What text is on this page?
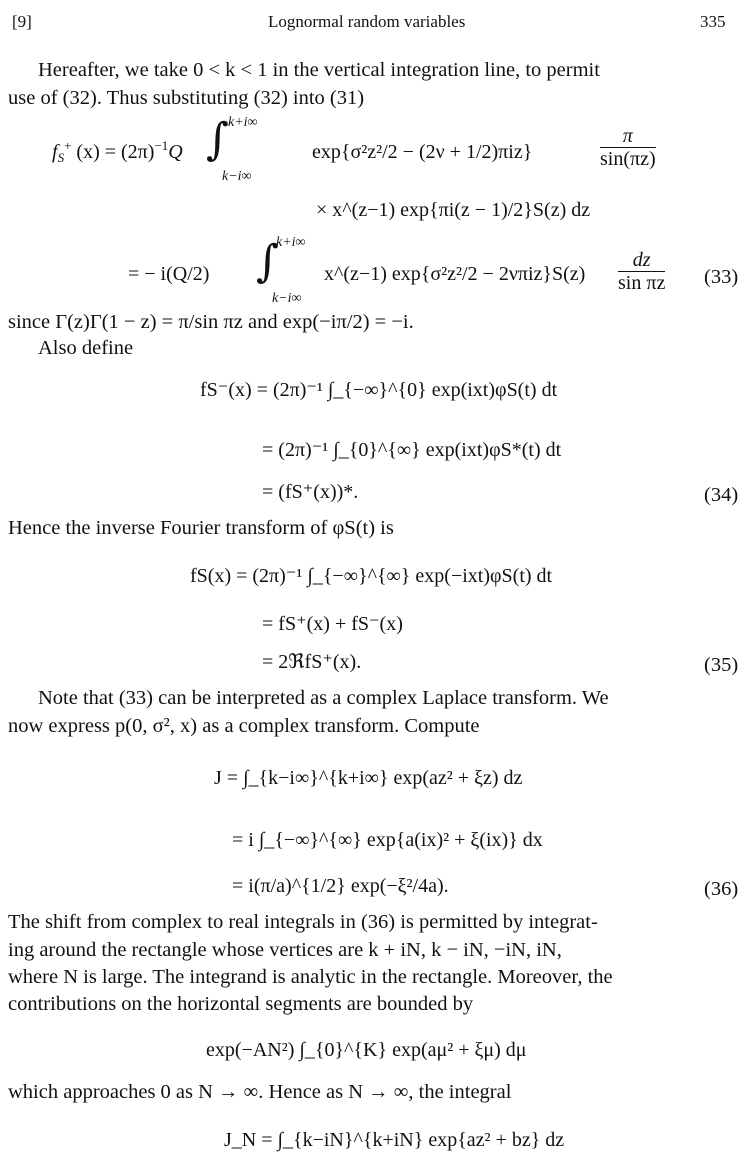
[9]	Lognormal random variables	335
Hereafter, we take 0 < k < 1 in the vertical integration line, to permit
use of (32). Thus substituting (32) into (31)
$f_S^+$ $(x) = (2\pi)^{-1}Q$ ∫ k+i∞
k−i∞
exp{σ²z²/2 − (2ν + 1/2)πiz}	$\frac{\pi}{\sin(\pi z)}$
× x^(z−1) exp{πi(z − 1)/2}S(z) dz
= − i(Q/2) ∫
k+i∞
k−i∞
x^(z−1) $\exp\{\sigma^2z^2/2 - 2\nu\pi iz\}S(z) \frac{dz}{\text{sin πz}} (33)$
since Γ(z)Γ(1 − z) = π/sin πz and exp(−iπ/2) = −i.
Also define
fS⁻(x) = (2π)⁻¹ ∫_{−∞}^{0} exp(ixt)φS(t) dt
= (2π)⁻¹ ∫_{0}^{∞} exp(ixt)φS*(t) dt
= (fS⁺(x))*.	(34)
Hence the inverse Fourier transform of φS(t) is
fS(x) = (2π)⁻¹ ∫_{−∞}^{∞} exp(−ixt)φS(t) dt
= fS⁺(x) + fS⁻(x)
= 2ℜfS⁺(x).	(35)
Note that (33) can be interpreted as a complex Laplace transform. We
now express p(0, σ², x) as a complex transform. Compute
J = ∫_{k−i∞}^{k+i∞} exp(az² + ξz) dz
= i ∫_{−∞}^{∞} exp{a(ix)² + ξ(ix)} dx
= i(π/a)^{1/2} exp(−ξ²/4a).	(36)
The shift from complex to real integrals in (36) is permitted by integrat-
ing around the rectangle whose vertices are k + iN, k − iN, −iN, iN,
where N is large. The integrand is analytic in the rectangle. Moreover, the
contributions on the horizontal segments are bounded by
exp(−AN²) ∫_{0}^{K} exp(aμ² + ξμ) dμ
which approaches 0 as N → ∞. Hence as N → ∞, the integral
J_N = ∫_{k−iN}^{k+iN} exp{az² + bz} dz
